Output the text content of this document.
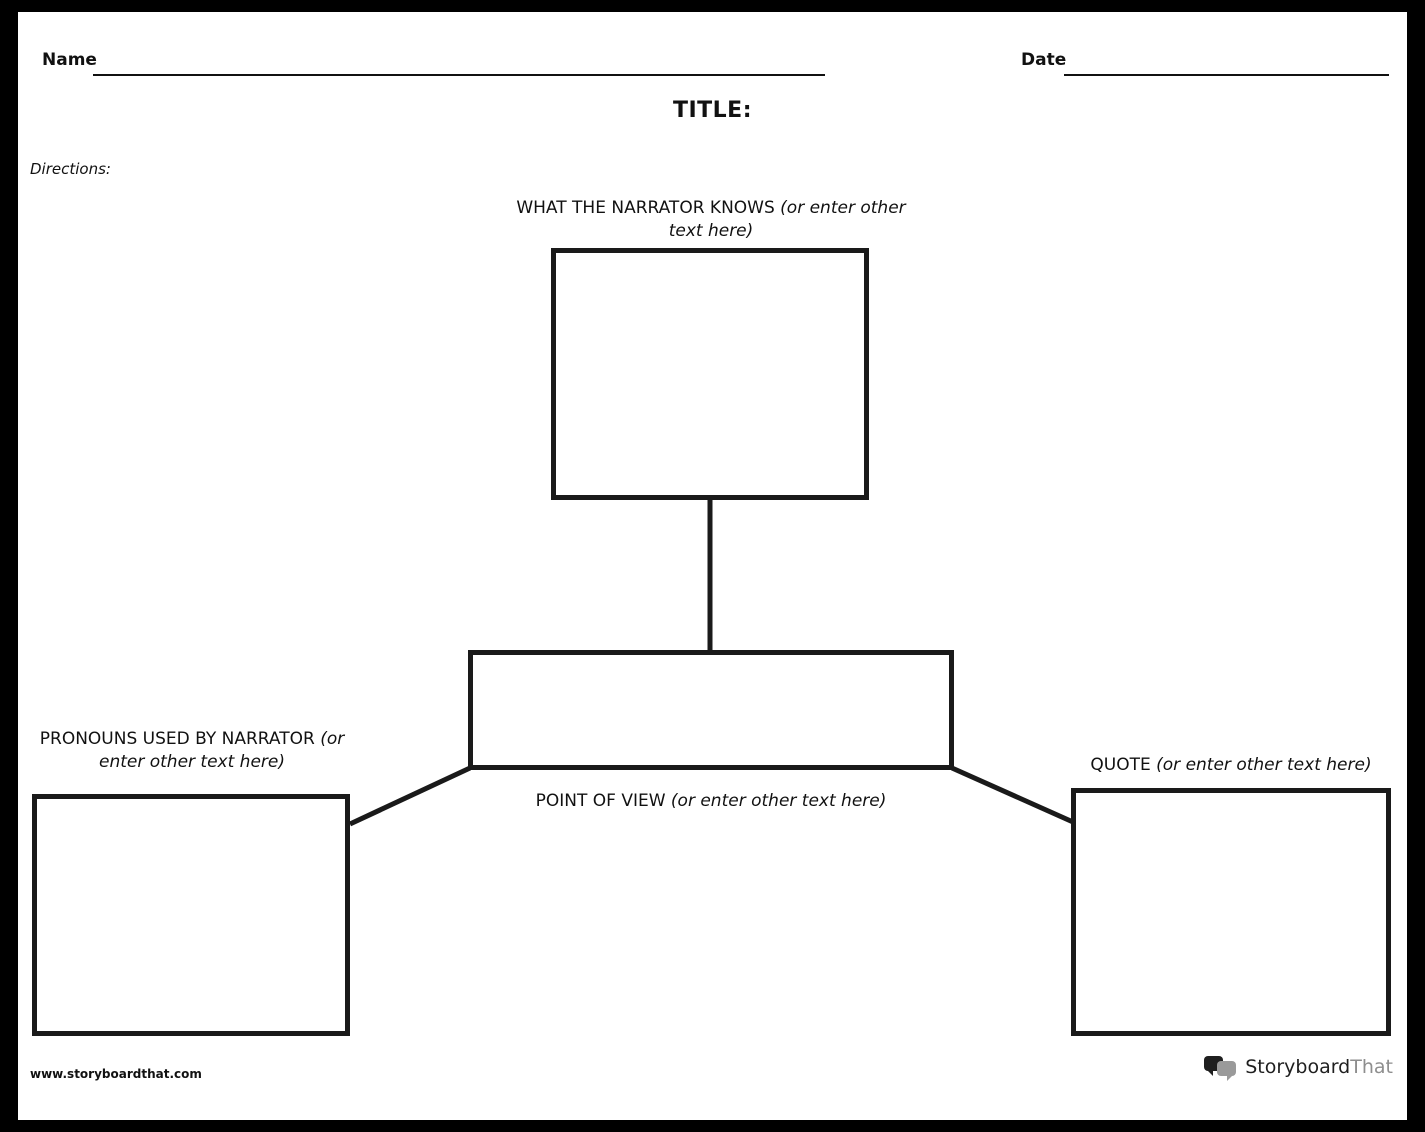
Name	Date
TITLE:
Directions:
WHAT THE NARRATOR KNOWS (or enter other text here)
POINT OF VIEW (or enter other text here)
PRONOUNS USED BY NARRATOR (or enter other text here)	QUOTE (or enter other text here)
www.storyboardthat.com	StoryboardThat
